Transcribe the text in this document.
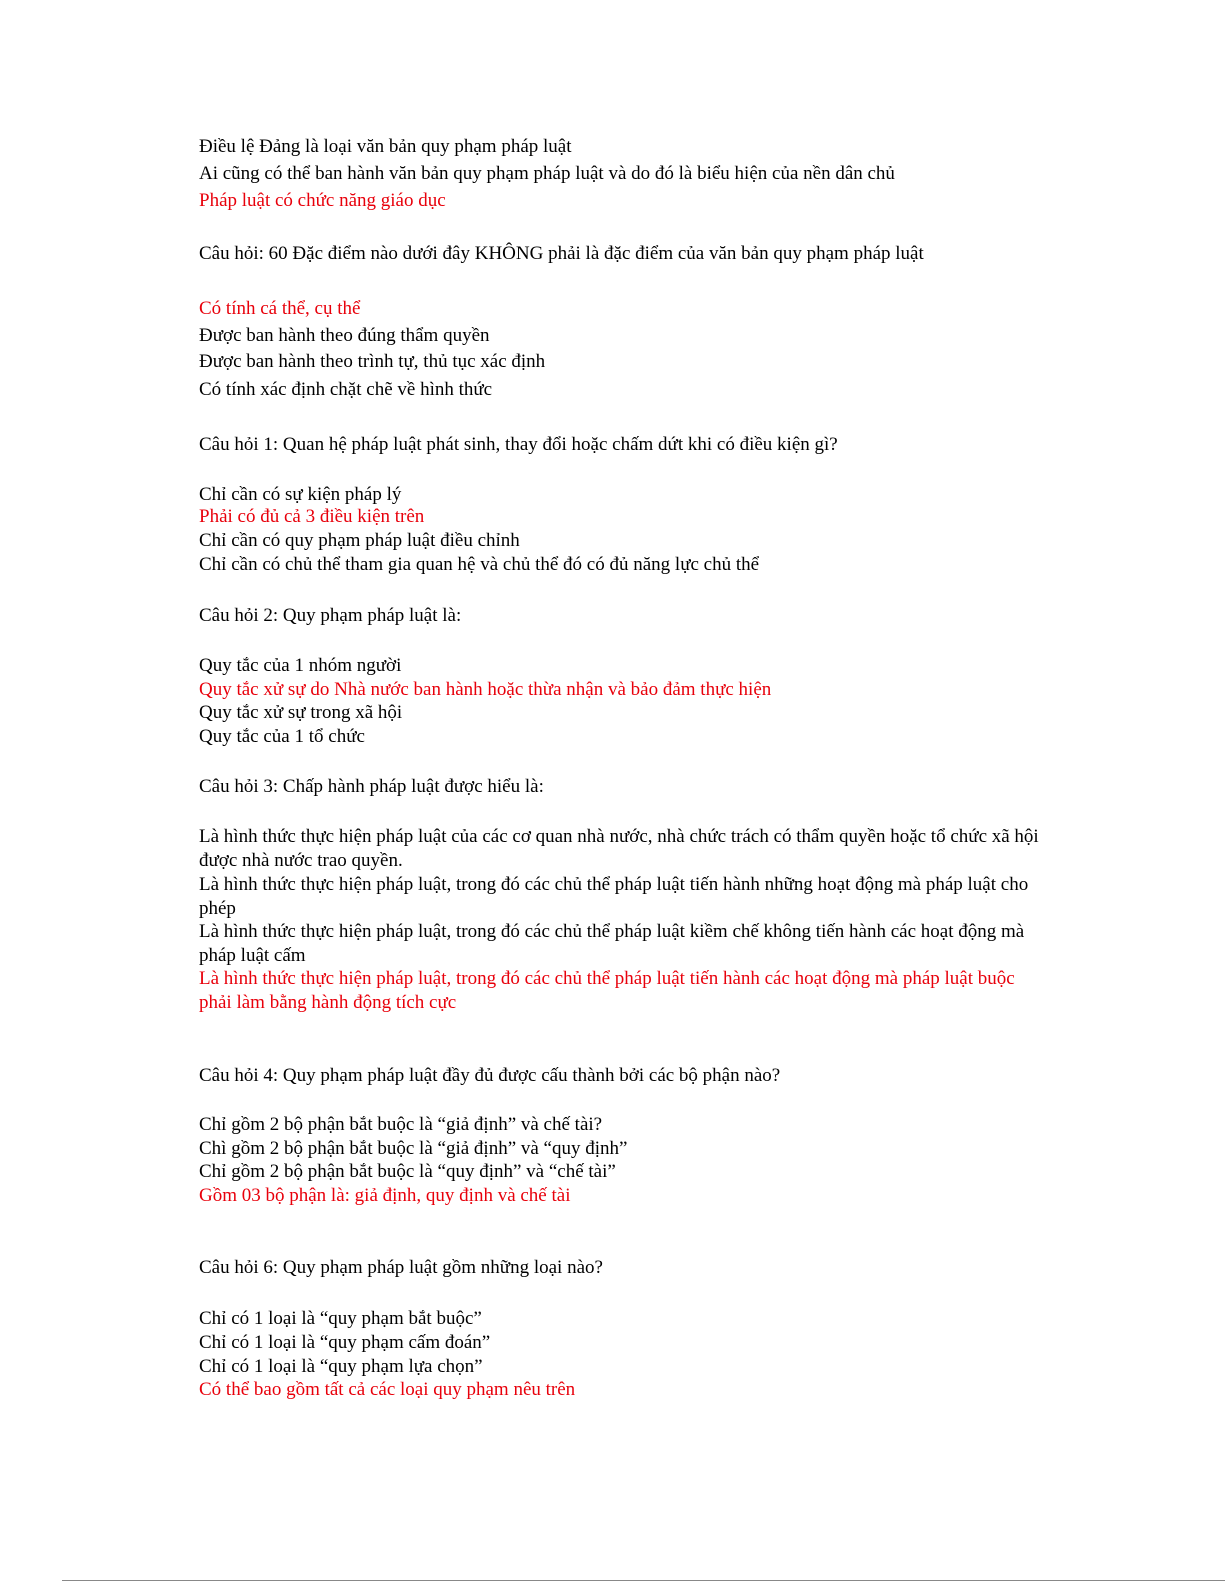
Điều lệ Đảng là loại văn bản quy phạm pháp luật
Ai cũng có thể ban hành văn bản quy phạm pháp luật và do đó là biểu hiện của nền dân chủ
Pháp luật có chức năng giáo dục
Câu hỏi: 60 Đặc điểm nào dưới đây KHÔNG phải là đặc điểm của văn bản quy phạm pháp luật
Có tính cá thể, cụ thể
Được ban hành theo đúng thẩm quyền
Được ban hành theo trình tự, thủ tục xác định
Có tính xác định chặt chẽ về hình thức
Câu hỏi 1: Quan hệ pháp luật phát sinh, thay đổi hoặc chấm dứt khi có điều kiện gì?
Chỉ cần có sự kiện pháp lý
Phải có đủ cả 3 điều kiện trên
Chỉ cần có quy phạm pháp luật điều chỉnh
Chỉ cần có chủ thể tham gia quan hệ và chủ thể đó có đủ năng lực chủ thể
Câu hỏi 2: Quy phạm pháp luật là:
Quy tắc của 1 nhóm người
Quy tắc xử sự do Nhà nước ban hành hoặc thừa nhận và bảo đảm thực hiện
Quy tắc xử sự trong xã hội
Quy tắc của 1 tổ chức
Câu hỏi 3: Chấp hành pháp luật được hiểu là:
Là hình thức thực hiện pháp luật của các cơ quan nhà nước, nhà chức trách có thẩm quyền hoặc tổ chức xã hội được nhà nước trao quyền.
Là hình thức thực hiện pháp luật, trong đó các chủ thể pháp luật tiến hành những hoạt động mà pháp luật cho phép
Là hình thức thực hiện pháp luật, trong đó các chủ thể pháp luật kiềm chế không tiến hành các hoạt động mà pháp luật cấm
Là hình thức thực hiện pháp luật, trong đó các chủ thể pháp luật tiến hành các hoạt động mà pháp luật buộc phải làm bằng hành động tích cực
Câu hỏi 4: Quy phạm pháp luật đầy đủ được cấu thành bởi các bộ phận nào?
Chỉ gồm 2 bộ phận bắt buộc là “giả định” và chế tài?
Chì gồm 2 bộ phận bắt buộc là “giả định” và “quy định”
Chỉ gồm 2 bộ phận bắt buộc là “quy định” và “chế tài”
Gồm 03 bộ phận là: giả định, quy định và chế tài
Câu hỏi 6: Quy phạm pháp luật gồm những loại nào?
Chỉ có 1 loại là “quy phạm bắt buộc”
Chỉ có 1 loại là “quy phạm cấm đoán”
Chỉ có 1 loại là “quy phạm lựa chọn”
Có thể bao gồm tất cả các loại quy phạm nêu trên
